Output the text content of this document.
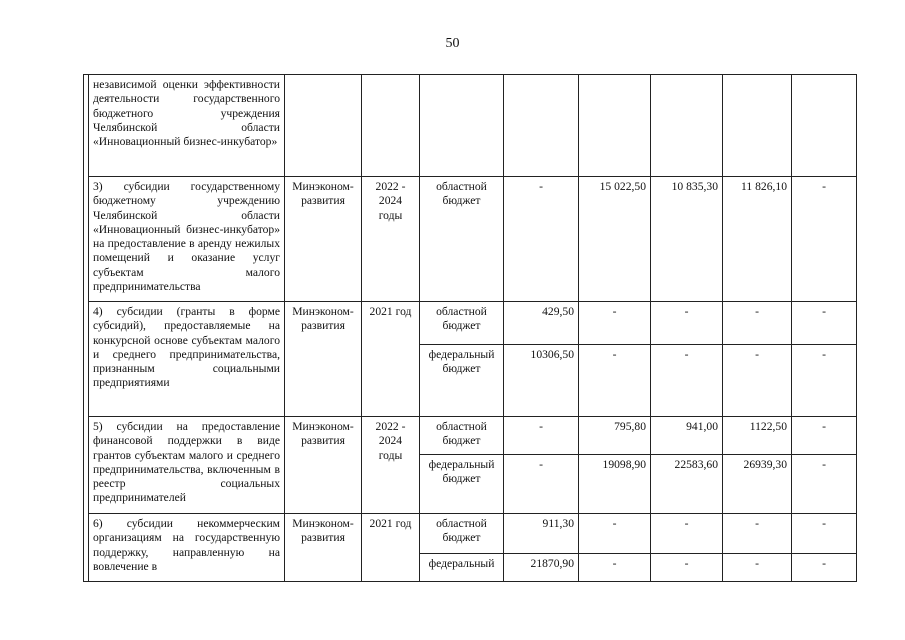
50
	независимой оценки эффективности деятельности государственного бюджетного учреждения Челябинской области «Инновационный бизнес-инкубатор»								
	3) субсидии государственному бюджетному учреждению Челябинской области «Инновационный бизнес-инкубатор» на предоставление в аренду нежилых помещений и оказание услуг субъектам малого предпринимательства	Минэконом-развития	2022 - 2024 годы	областной бюджет	-	15 022,50	10 835,30	11 826,10	-
	4) субсидии (гранты в форме субсидий), предоставляемые на конкурсной основе субъектам малого и среднего предпринимательства, признанным социальными предприятиями	Минэконом-развития	2021 год	областной бюджет	429,50	-	-	-	-
				федеральный бюджет	10306,50	-	-	-	-
	5) субсидии на предоставление финансовой поддержки в виде грантов субъектам малого и среднего предпринимательства, включенным в реестр социальных предпринимателей	Минэконом-развития	2022 - 2024 годы	областной бюджет	-	795,80	941,00	1122,50	-
				федеральный бюджет	-	19098,90	22583,60	26939,30	-
	6) субсидии некоммерческим организациям на государственную поддержку, направленную на вовлечение в	Минэконом-развития	2021 год	областной бюджет	911,30	-	-	-	-
				федеральный	21870,90	-	-	-	-
